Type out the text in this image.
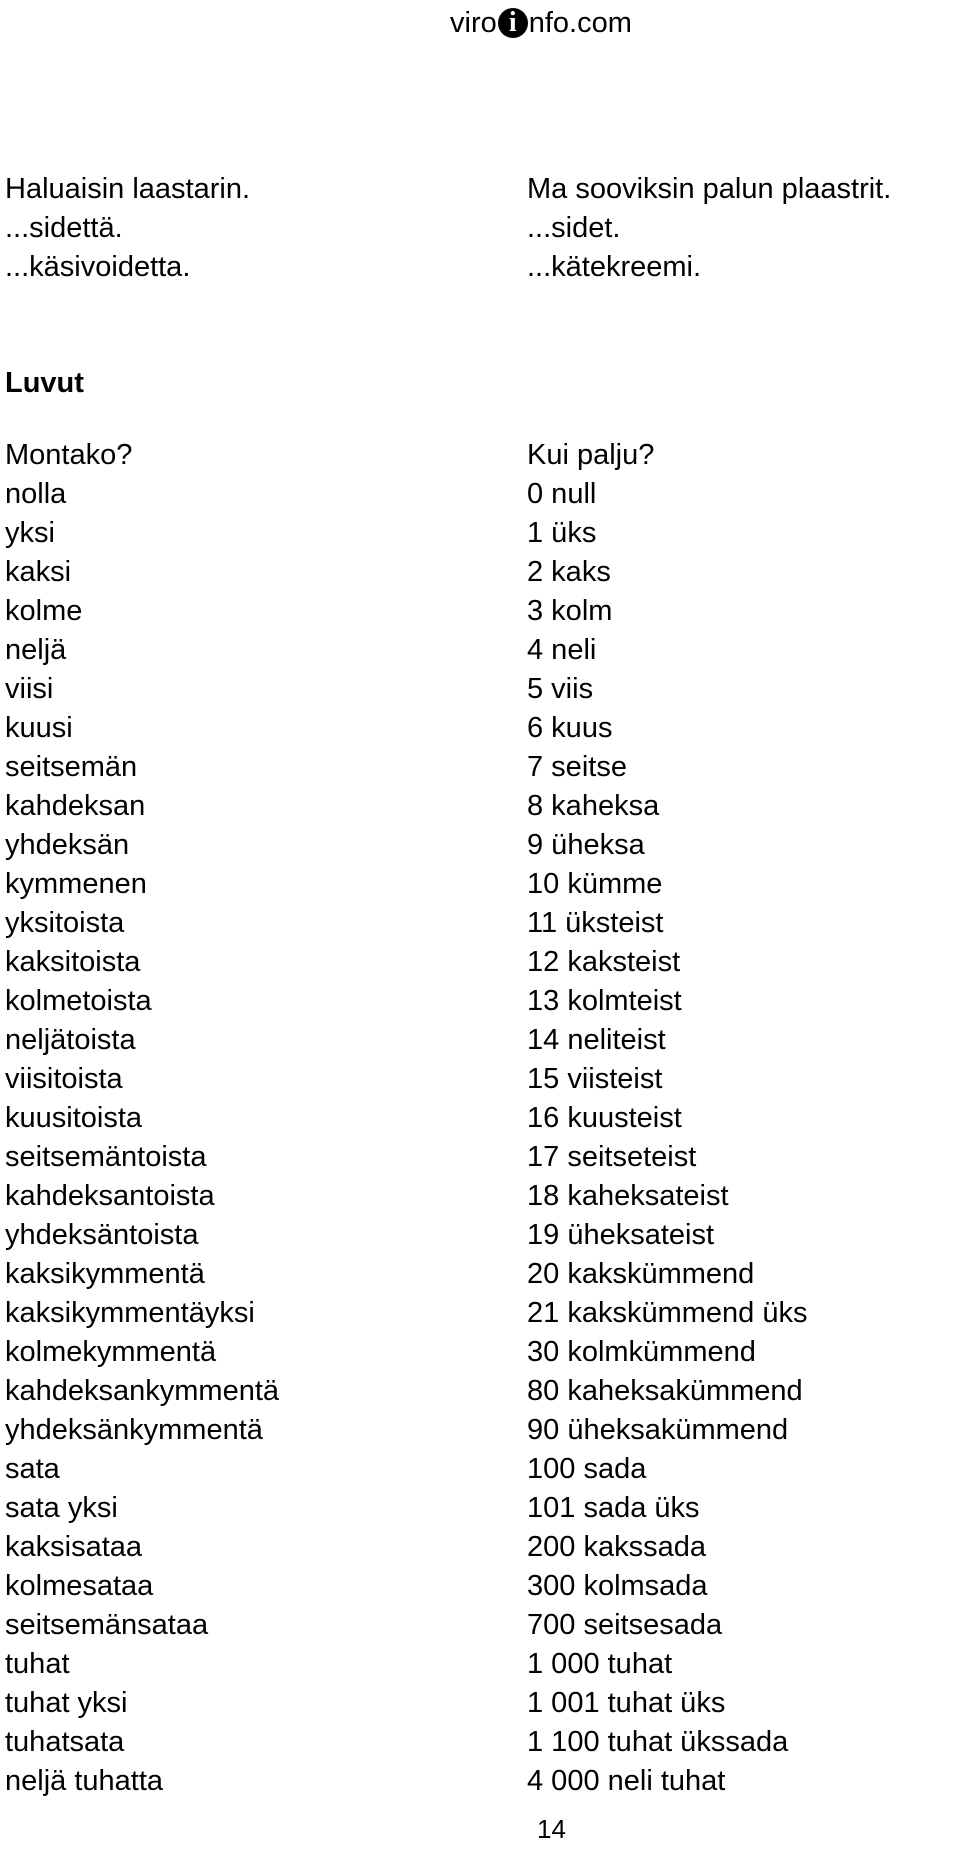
viro i nfo.com
Haluaisin laastarin.
...sidettä.
...käsivoidetta.
Ma sooviksin palun plaastrit.
...sidet.
...kätekreemi.
Luvut
Montako?
nolla
yksi
kaksi
kolme
neljä
viisi
kuusi
seitsemän
kahdeksan
yhdeksän
kymmenen
yksitoista
kaksitoista
kolmetoista
neljätoista
viisitoista
kuusitoista
seitsemäntoista
kahdeksantoista
yhdeksäntoista
kaksikymmentä
kaksikymmentäyksi
kolmekymmentä
kahdeksankymmentä
yhdeksänkymmentä
sata
sata yksi
kaksisataa
kolmesataa
seitsemänsataa
tuhat
tuhat yksi
tuhatsata
neljä tuhatta
Kui palju?
0 null
1 üks
2 kaks
3 kolm
4 neli
5 viis
6 kuus
7 seitse
8 kaheksa
9 üheksa
10 kümme
11 üksteist
12 kaksteist
13 kolmteist
14 neliteist
15 viisteist
16 kuusteist
17 seitseteist
18 kaheksateist
19 üheksateist
20 kakskümmend
21 kakskümmend üks
30 kolmkümmend
80 kaheksakümmend
90 üheksakümmend
100 sada
101 sada üks
200 kakssada
300 kolmsada
700 seitsesada
1 000 tuhat
1 001 tuhat üks
1 100 tuhat ükssada
4 000 neli tuhat
14
